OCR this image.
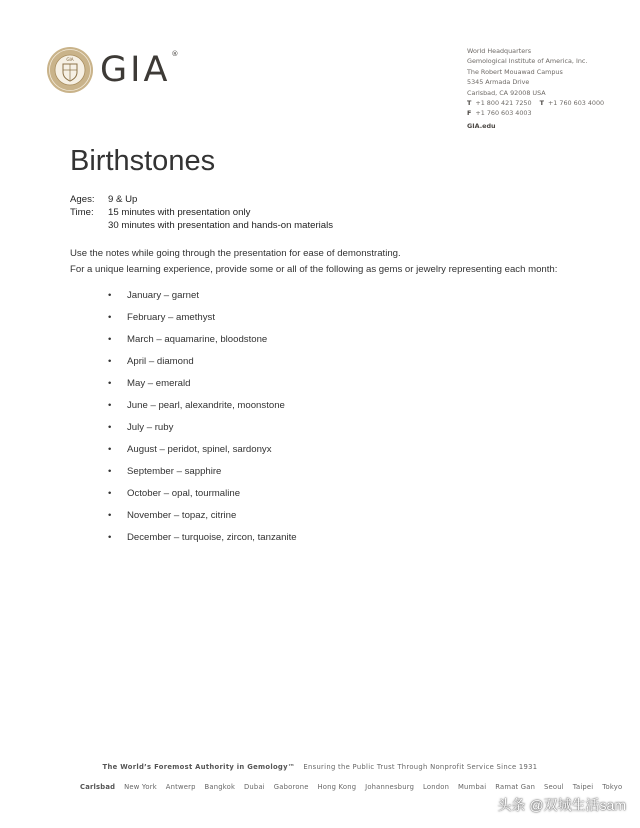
GIA GIA ®	World Headquarters
Gemological Institute of America, Inc.
The Robert Mouawad Campus
5345 Armada Drive
Carlsbad, CA 92008 USA
T +1 800 421 7250 T +1 760 603 4000
F +1 760 603 4003
GIA.edu
Birthstones
Ages:	9 & Up
Time:	15 minutes with presentation only
30 minutes with presentation and hands-on materials

Use the notes while going through the presentation for ease of demonstrating.

For a unique learning experience, provide some or all of the following as gems or jewelry representing each month:

•	January – garnet
•	February – amethyst
•	March – aquamarine, bloodstone
•	April – diamond
•	May – emerald
•	June – pearl, alexandrite, moonstone
•	July – ruby
•	August – peridot, spinel, sardonyx
•	September – sapphire
•	October – opal, tourmaline
•	November – topaz, citrine
•	December – turquoise, zircon, tanzanite
The World’s Foremost Authority in Gemology™ Ensuring the Public Trust Through Nonprofit Service Since 1931
Carlsbad New York Antwerp Bangkok Dubai Gaborone Hong Kong Johannesburg London Mumbai Ramat Gan Seoul Taipei Tokyo
头条 @双城生活sam
